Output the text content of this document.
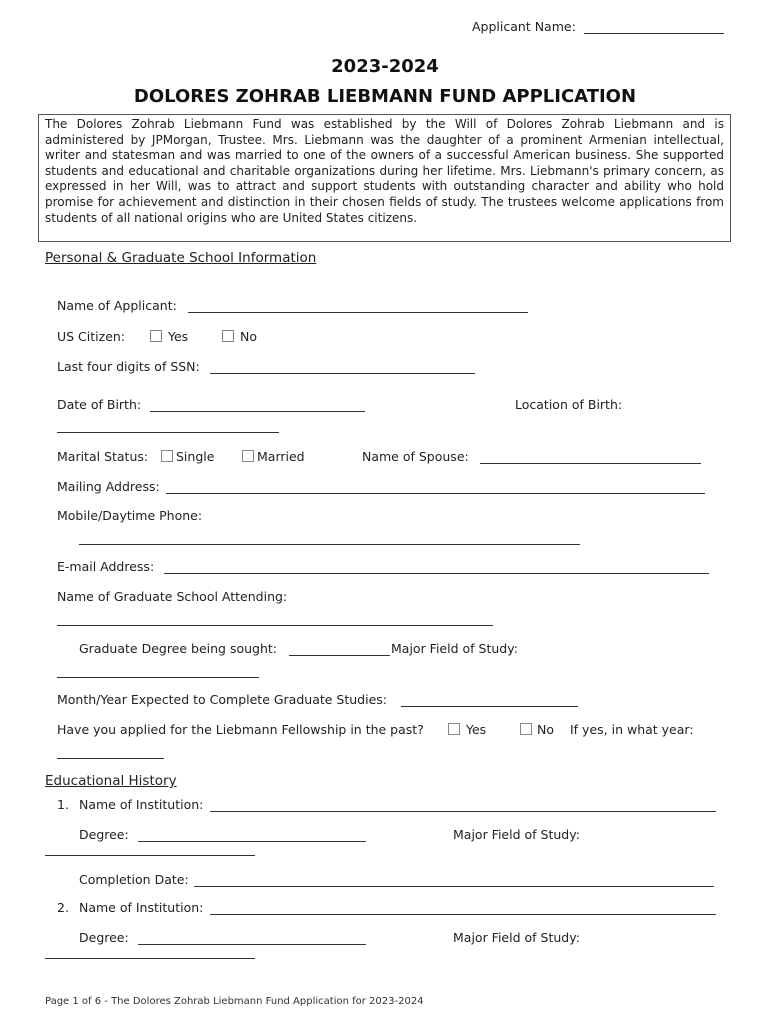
Applicant Name:
2023-2024
DOLORES ZOHRAB LIEBMANN FUND APPLICATION
The Dolores Zohrab Liebmann Fund was established by the Will of Dolores Zohrab Liebmann and is administered by JPMorgan, Trustee. Mrs. Liebmann was the daughter of a prominent Armenian intellectual, writer and statesman and was married to one of the owners of a successful American business. She supported students and educational and charitable organizations during her lifetime. Mrs. Liebmann's primary concern, as expressed in her Will, was to attract and support students with outstanding character and ability who hold promise for achievement and distinction in their chosen fields of study. The trustees welcome applications from students of all national origins who are United States citizens.
Personal & Graduate School Information
Name of Applicant:
US Citizen:	Yes	No
Last four digits of SSN:
Date of Birth:	Location of Birth:
Marital Status: Single	Married	Name of Spouse:
Mailing Address:
Mobile/Daytime Phone:
E-mail Address:
Name of Graduate School Attending:
Graduate Degree being sought:	Major Field of Study:
Month/Year Expected to Complete Graduate Studies:
Have you applied for the Liebmann Fellowship in the past?	Yes	No If yes, in what year:
Educational History
1. Name of Institution:
Degree:	Major Field of Study:
Completion Date:
2. Name of Institution:
Degree:	Major Field of Study:
Page 1 of 6 - The Dolores Zohrab Liebmann Fund Application for 2023-2024
